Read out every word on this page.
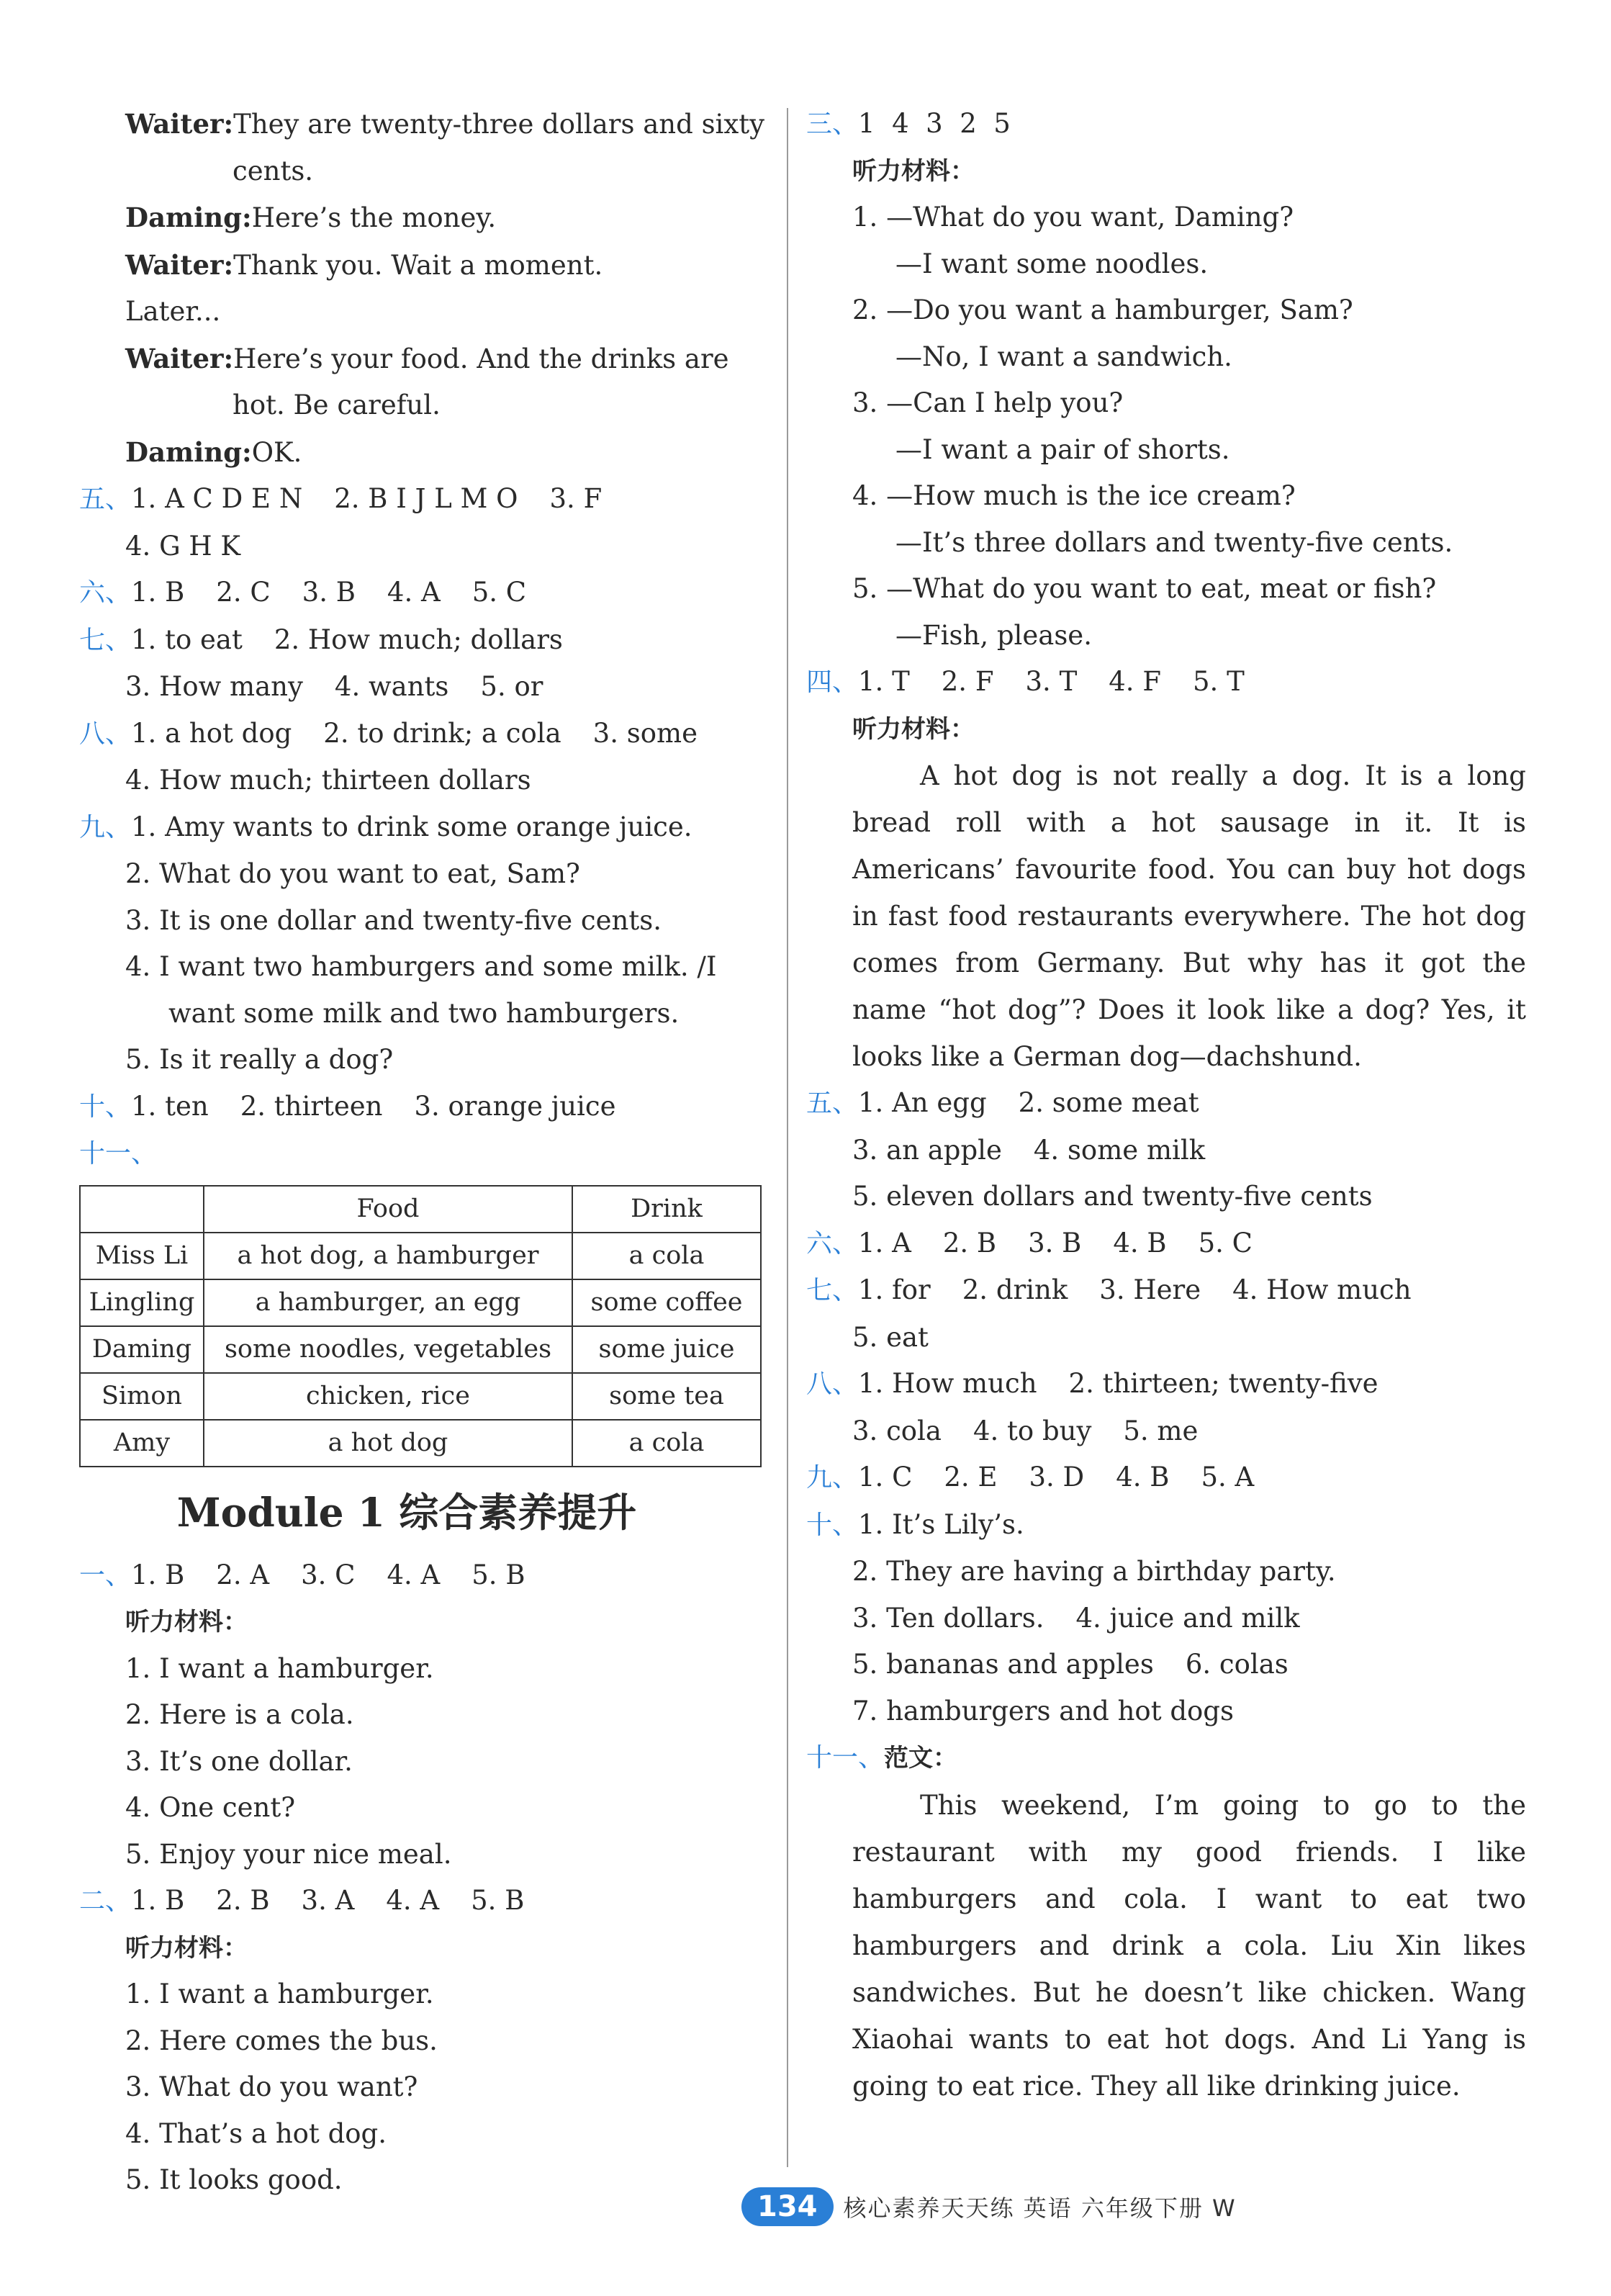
Waiter:They are twenty-three dollars and sixty
cents.
Daming:Here’s the money.
Waiter:Thank you. Wait a moment.
Later...
Waiter:Here’s your food. And the drinks are
hot. Be careful.
Daming:OK.
五、1. A C D E N 2. B I J L M O 3. F
4. G H K
六、1. B 2. C 3. B 4. A 5. C
七、1. to eat 2. How much; dollars
3. How many 4. wants 5. or
八、1. a hot dog 2. to drink; a cola 3. some
4. How much; thirteen dollars
九、1. Amy wants to drink some orange juice.
2. What do you want to eat, Sam?
3. It is one dollar and twenty-five cents.
4. I want two hamburgers and some milk. /I
want some milk and two hamburgers.
5. Is it really a dog?
十、1. ten 2. thirteen 3. orange juice
十一、
	Food	Drink
Miss Li	a hot dog, a hamburger	a cola
Lingling	a hamburger, an egg	some coffee
Daming	some noodles, vegetables	some juice
Simon	chicken, rice	some tea
Amy	a hot dog	a cola
Module 1 综合素养提升
一、1. B 2. A 3. C 4. A 5. B
听力材料：
1. I want a hamburger.
2. Here is a cola.
3. It’s one dollar.
4. One cent?
5. Enjoy your nice meal.
二、1. B 2. B 3. A 4. A 5. B
听力材料：
1. I want a hamburger.
2. Here comes the bus.
3. What do you want?
4. That’s a hot dog.
5. It looks good.
三、1  4  3  2  5
听力材料：
1. —What do you want, Daming?
—I want some noodles.
2. —Do you want a hamburger, Sam?
—No, I want a sandwich.
3. —Can I help you?
—I want a pair of shorts.
4. —How much is the ice cream?
—It’s three dollars and twenty-five cents.
5. —What do you want to eat, meat or fish?
—Fish, please.
四、1. T 2. F 3. T 4. F 5. T
听力材料：

A hot dog is not really a dog. It is a long bread roll with a hot sausage in it. It is Americans’ favourite food. You can buy hot dogs in fast food restaurants everywhere. The hot dog comes from Germany. But why has it got the name “hot dog”? Does it look like a dog? Yes, it looks like a German dog—dachshund.

五、1. An egg 2. some meat
3. an apple 4. some milk
5. eleven dollars and twenty-five cents
六、1. A 2. B 3. B 4. B 5. C
七、1. for 2. drink 3. Here 4. How much
5. eat
八、1. How much 2. thirteen; twenty-five
3. cola 4. to buy 5. me
九、1. C 2. E 3. D 4. B 5. A
十、1. It’s Lily’s.
2. They are having a birthday party.
3. Ten dollars. 4. juice and milk
5. bananas and apples 6. colas
7. hamburgers and hot dogs
十一、范文：

This weekend, I’m going to go to the restaurant with my good friends. I like hamburgers and cola. I want to eat two hamburgers and drink a cola. Liu Xin likes sandwiches. But he doesn’t like chicken. Wang Xiaohai wants to eat hot dogs. And Li Yang is going to eat rice. They all like drinking juice.

134	核心素养天天练 英语 六年级下册 W
